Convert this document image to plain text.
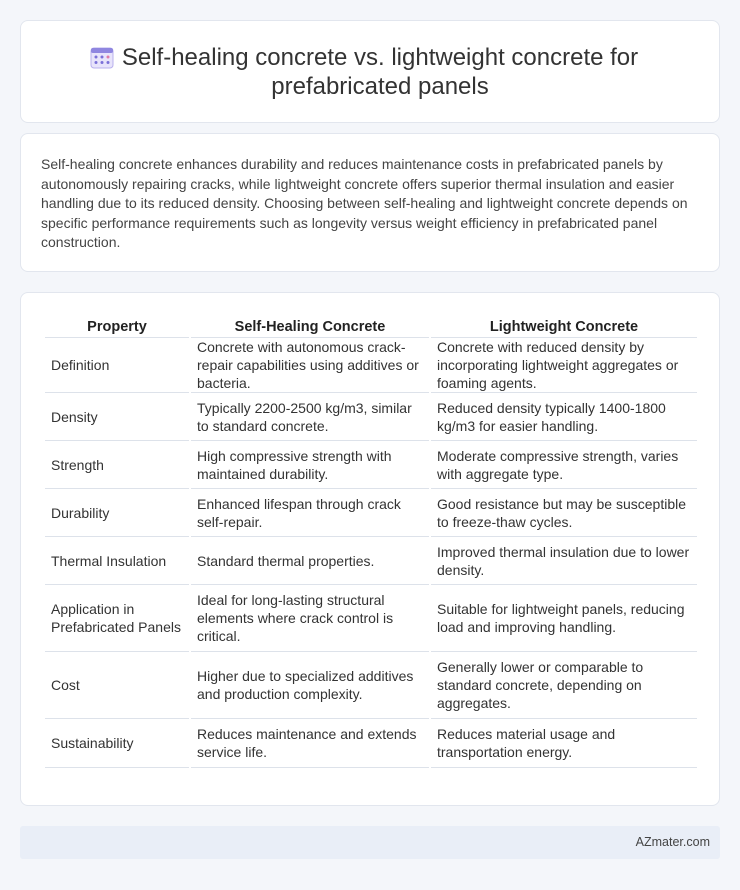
Self-healing concrete vs. lightweight concrete for prefabricated panels

Self-healing concrete enhances durability and reduces maintenance costs in prefabricated panels by autonomously repairing cracks, while lightweight concrete offers superior thermal insulation and easier handling due to its reduced density. Choosing between self-healing and lightweight concrete depends on specific performance requirements such as longevity versus weight efficiency in prefabricated panel construction.

Property	Self-Healing Concrete	Lightweight Concrete
Definition	Concrete with autonomous crack-repair capabilities using additives or bacteria.	Concrete with reduced density by incorporating lightweight aggregates or foaming agents.
Density	Typically 2200-2500 kg/m3, similar to standard concrete.	Reduced density typically 1400-1800 kg/m3 for easier handling.
Strength	High compressive strength with maintained durability.	Moderate compressive strength, varies with aggregate type.
Durability	Enhanced lifespan through crack self-repair.	Good resistance but may be susceptible to freeze-thaw cycles.
Thermal Insulation	Standard thermal properties.	Improved thermal insulation due to lower density.
Application in Prefabricated Panels	Ideal for long-lasting structural elements where crack control is critical.	Suitable for lightweight panels, reducing load and improving handling.
Cost	Higher due to specialized additives and production complexity.	Generally lower or comparable to standard concrete, depending on aggregates.
Sustainability	Reduces maintenance and extends service life.	Reduces material usage and transportation energy.
AZmater.com
